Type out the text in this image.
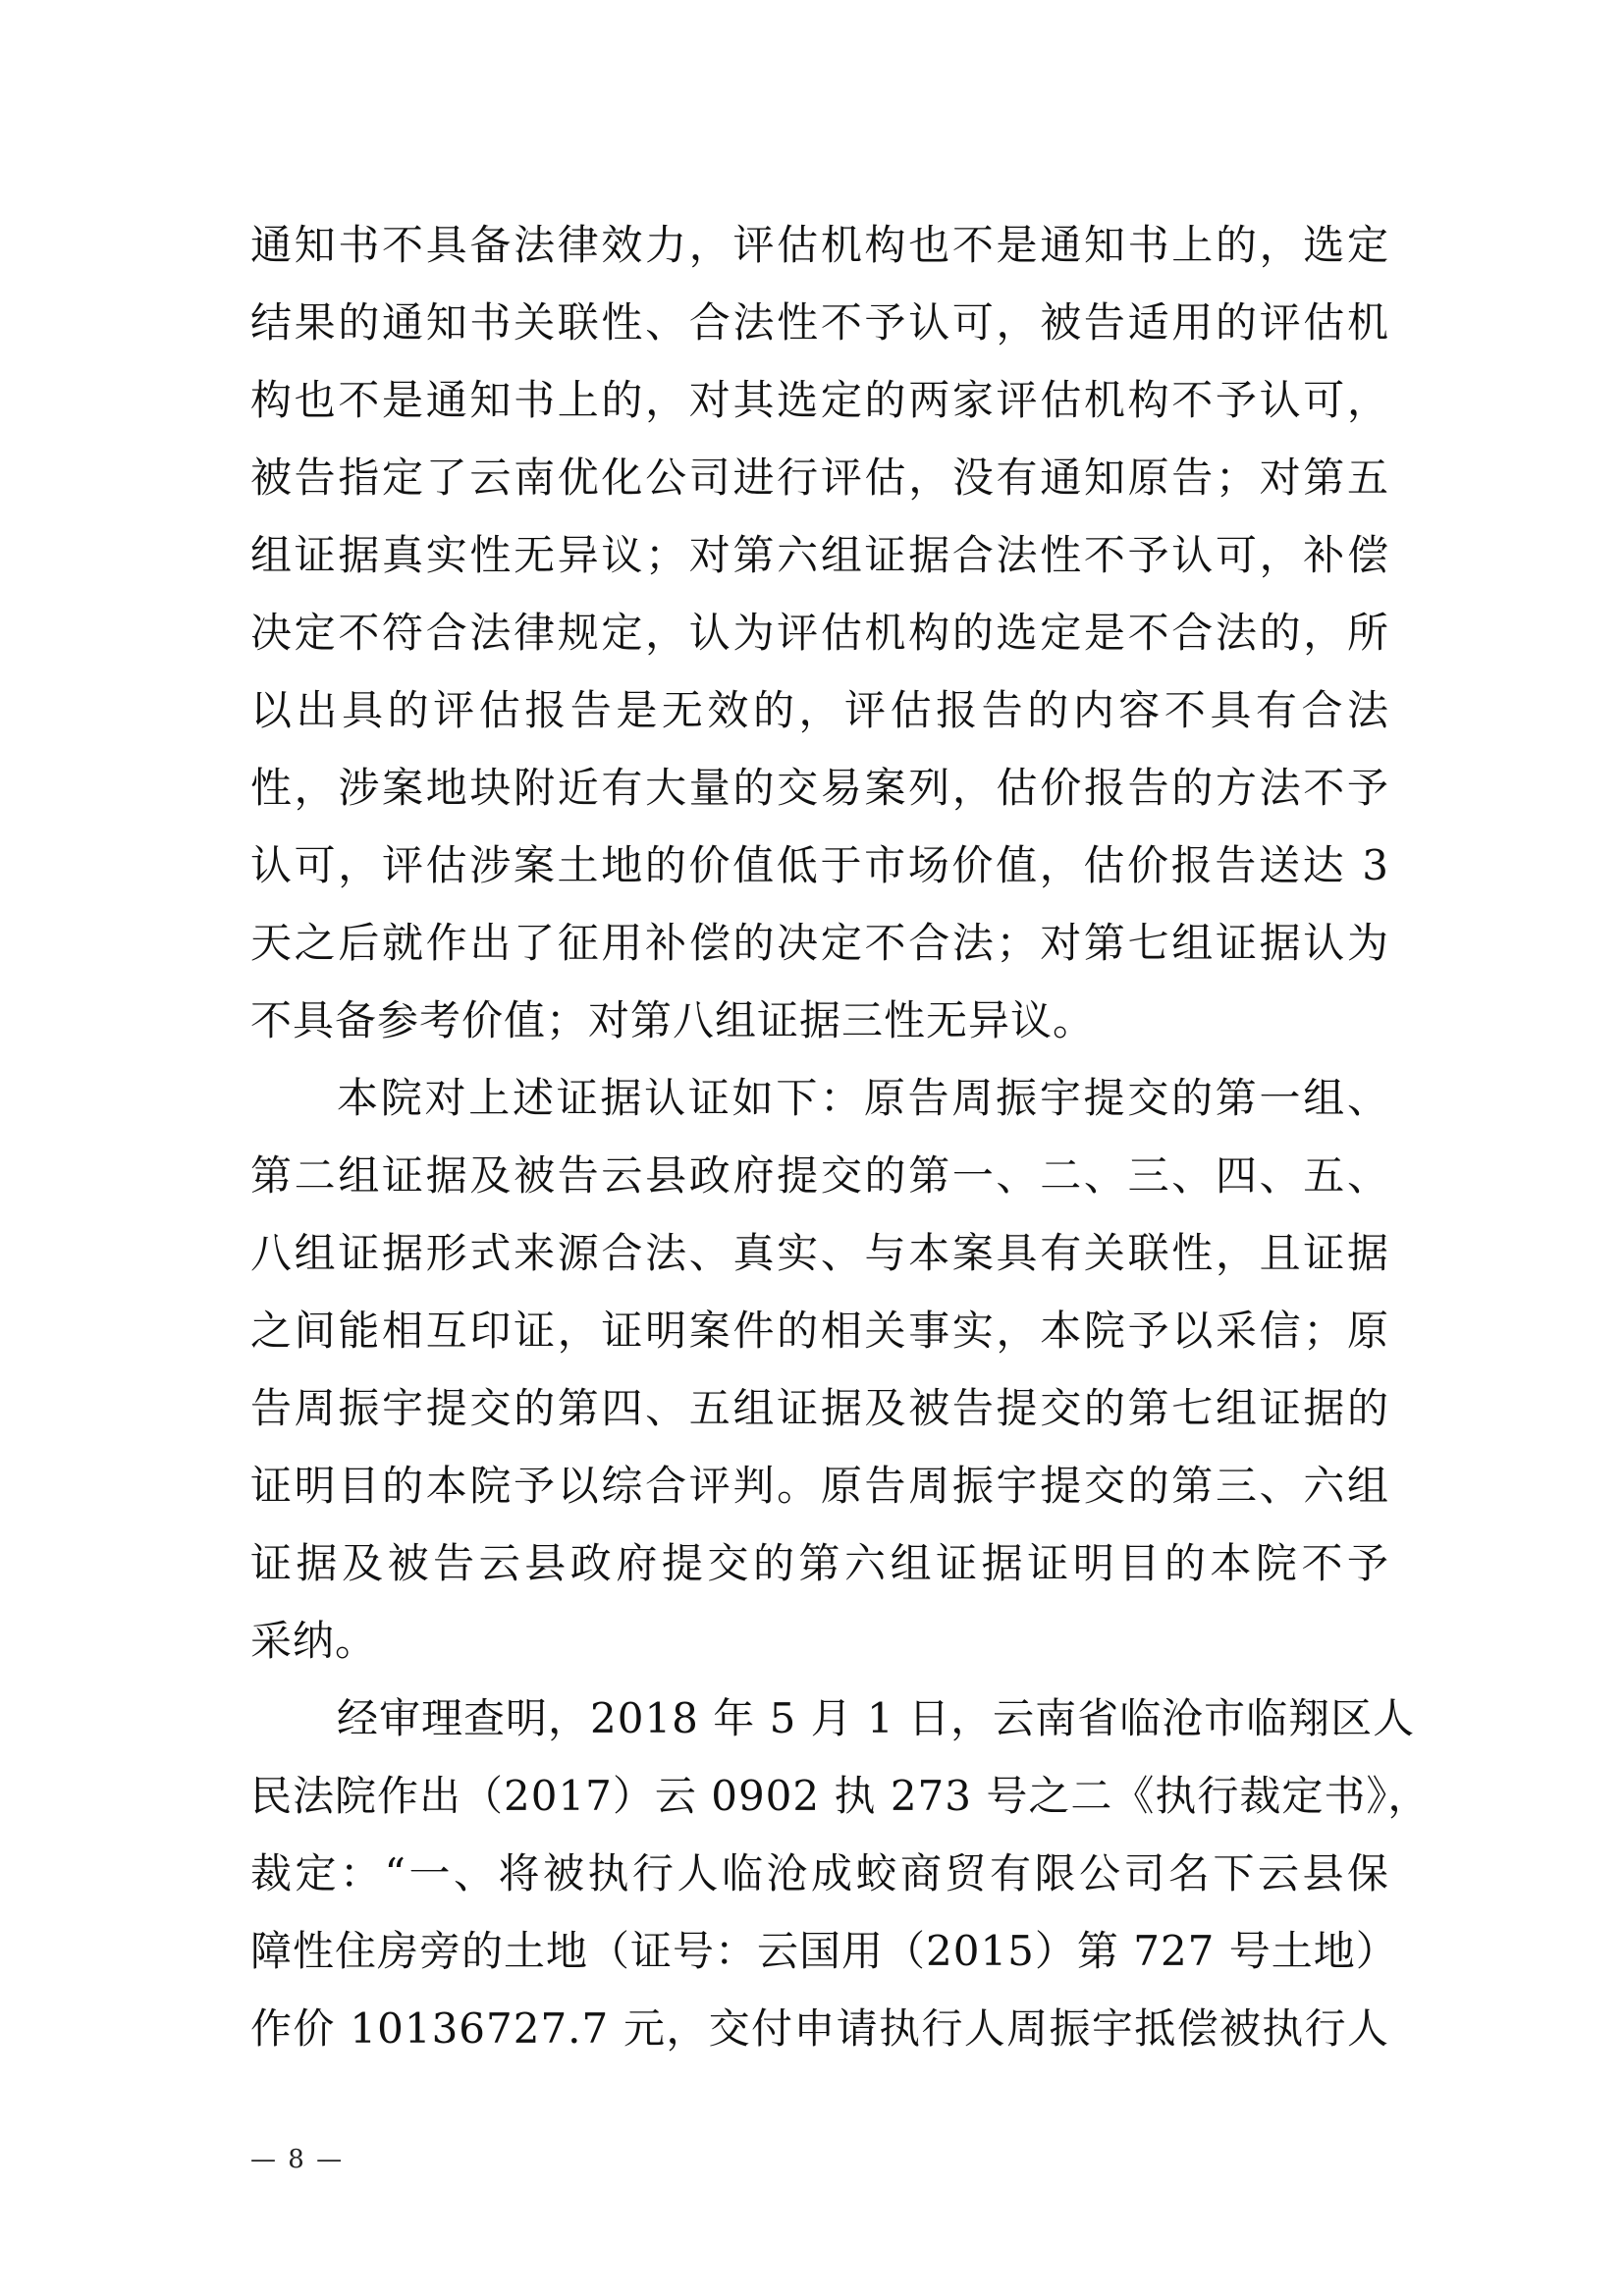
通知书不具备法律效力，评估机构也不是通知书上的，选定
结果的通知书关联性、合法性不予认可，被告适用的评估机
构也不是通知书上的，对其选定的两家评估机构不予认可，
被告指定了云南优化公司进行评估，没有通知原告；对第五
组证据真实性无异议；对第六组证据合法性不予认可，补偿
决定不符合法律规定，认为评估机构的选定是不合法的，所
以出具的评估报告是无效的，评估报告的内容不具有合法
性，涉案地块附近有大量的交易案列，估价报告的方法不予
认可，评估涉案土地的价值低于市场价值，估价报告送达 3
天之后就作出了征用补偿的决定不合法；对第七组证据认为
不具备参考价值；对第八组证据三性无异议。
本院对上述证据认证如下：原告周振宇提交的第一组、
第二组证据及被告云县政府提交的第一、二、三、四、五、
八组证据形式来源合法、真实、与本案具有关联性，且证据
之间能相互印证，证明案件的相关事实，本院予以采信；原
告周振宇提交的第四、五组证据及被告提交的第七组证据的
证明目的本院予以综合评判。原告周振宇提交的第三、六组
证据及被告云县政府提交的第六组证据证明目的本院不予
采纳。
经审理查明，2018 年 5 月 1 日，云南省临沧市临翔区人
民法院作出（2017）云 0902 执 273 号之二《执行裁定书》，
裁定：“一、将被执行人临沧成蛟商贸有限公司名下云县保
障性住房旁的土地（证号：云国用（2015）第 727 号土地）
作价 10136727.7 元，交付申请执行人周振宇抵偿被执行人
— 8 —
